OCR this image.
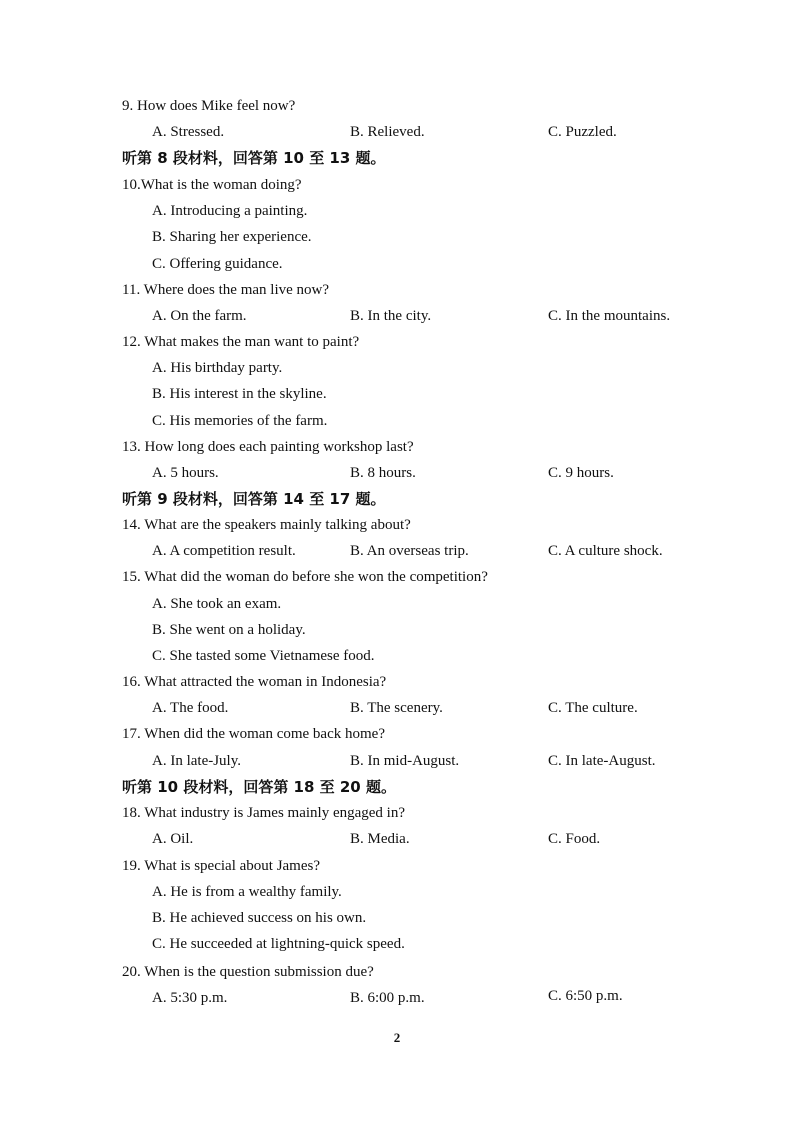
9. How does Mike feel now?
A. Stressed.	B. Relieved.	C. Puzzled.
听第 8 段材料，回答第 10 至 13 题。
10.What is the woman doing?
A. Introducing a painting.
B. Sharing her experience.
C. Offering guidance.
11. Where does the man live now?
A. On the farm.	B. In the city.	C. In the mountains.
12. What makes the man want to paint?
A. His birthday party.
B. His interest in the skyline.
C. His memories of the farm.
13. How long does each painting workshop last?
A. 5 hours.	B. 8 hours.	C. 9 hours.
听第 9 段材料，回答第 14 至 17 题。
14. What are the speakers mainly talking about?
A. A competition result.	B. An overseas trip.	C. A culture shock.
15. What did the woman do before she won the competition?
A. She took an exam.
B. She went on a holiday.
C. She tasted some Vietnamese food.
16. What attracted the woman in Indonesia?
A. The food.	B. The scenery.	C. The culture.
17. When did the woman come back home?
A. In late-July.	B. In mid-August.	C. In late-August.
听第 10 段材料，回答第 18 至 20 题。
18. What industry is James mainly engaged in?
A. Oil.	B. Media.	C. Food.
19. What is special about James?
A. He is from a wealthy family.
B. He achieved success on his own.
C. He succeeded at lightning-quick speed.
20. When is the question submission due?
A. 5:30 p.m.	B. 6:00 p.m.	C. 6:50 p.m.
2
